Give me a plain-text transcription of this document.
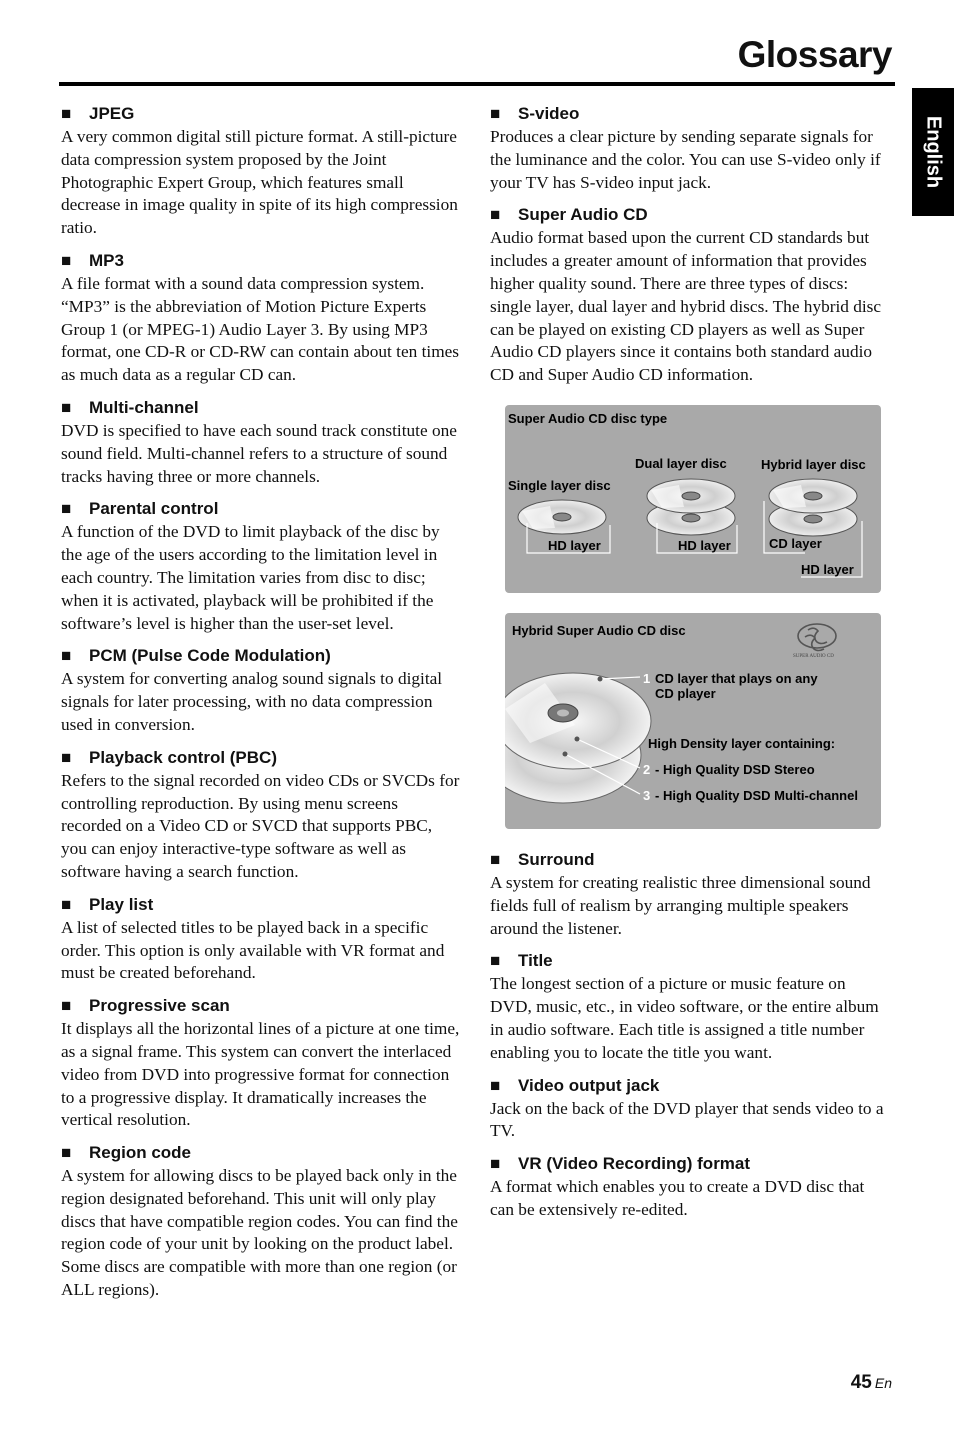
Glossary
English

■ JPEG

A very common digital still picture format. A still-picture data compression system proposed by the Joint Photographic Expert Group, which features small decrease in image quality in spite of its high compression ratio.

■ MP3

A file format with a sound data compression system. “MP3” is the abbreviation of Motion Picture Experts Group 1 (or MPEG-1) Audio Layer 3. By using MP3 format, one CD-R or CD-RW can contain about ten times as much data as a regular CD can.

■ Multi-channel

DVD is specified to have each sound track constitute one sound field. Multi-channel refers to a structure of sound tracks having three or more channels.

■ Parental control

A function of the DVD to limit playback of the disc by the age of the users according to the limitation level in each country. The limitation varies from disc to disc; when it is activated, playback will be prohibited if the software’s level is higher than the user-set level.

■ PCM (Pulse Code Modulation)

A system for converting analog sound signals to digital signals for later processing, with no data compression used in conversion.

■ Playback control (PBC)

Refers to the signal recorded on video CDs or SVCDs for controlling reproduction. By using menu screens recorded on a Video CD or SVCD that supports PBC, you can enjoy interactive-type software as well as software having a search function.

■ Play list

A list of selected titles to be played back in a specific order. This option is only available with VR format and must be created beforehand.

■ Progressive scan

It displays all the horizontal lines of a picture at one time, as a signal frame. This system can convert the interlaced video from DVD into progressive format for connection to a progressive display. It dramatically increases the vertical resolution.

■ Region code

A system for allowing discs to be played back only in the region designated beforehand. This unit will only play discs that have compatible region codes. You can find the region code of your unit by looking on the product label. Some discs are compatible with more than one region (or ALL regions).

■ S-video

Produces a clear picture by sending separate signals for the luminance and the color. You can use S-video only if your TV has S-video input jack.

■ Super Audio CD

Audio format based upon the current CD standards but includes a greater amount of information that provides higher quality sound. There are three types of discs: single layer, dual layer and hybrid discs. The hybrid disc can be played on existing CD players as well as Super Audio CD players since it contains both standard audio CD and Super Audio CD information.

Super Audio CD disc type
Single layer disc
Dual layer disc	Hybrid layer disc
HD layer	HD layer	CD layer
HD layer
Hybrid Super Audio CD disc
SUPER AUDIO CD
1 CD layer that plays on any
CD player
High Density layer containing:
2 - High Quality DSD Stereo
3 - High Quality DSD Multi-channel

■ Surround

A system for creating realistic three dimensional sound fields full of realism by arranging multiple speakers around the listener.

■ Title

The longest section of a picture or music feature on DVD, music, etc., in video software, or the entire album in audio software. Each title is assigned a title number enabling you to locate the title you want.

■ Video output jack

Jack on the back of the DVD player that sends video to a TV.

■ VR (Video Recording) format

A format which enables you to create a DVD disc that can be extensively re-edited.

45 En
